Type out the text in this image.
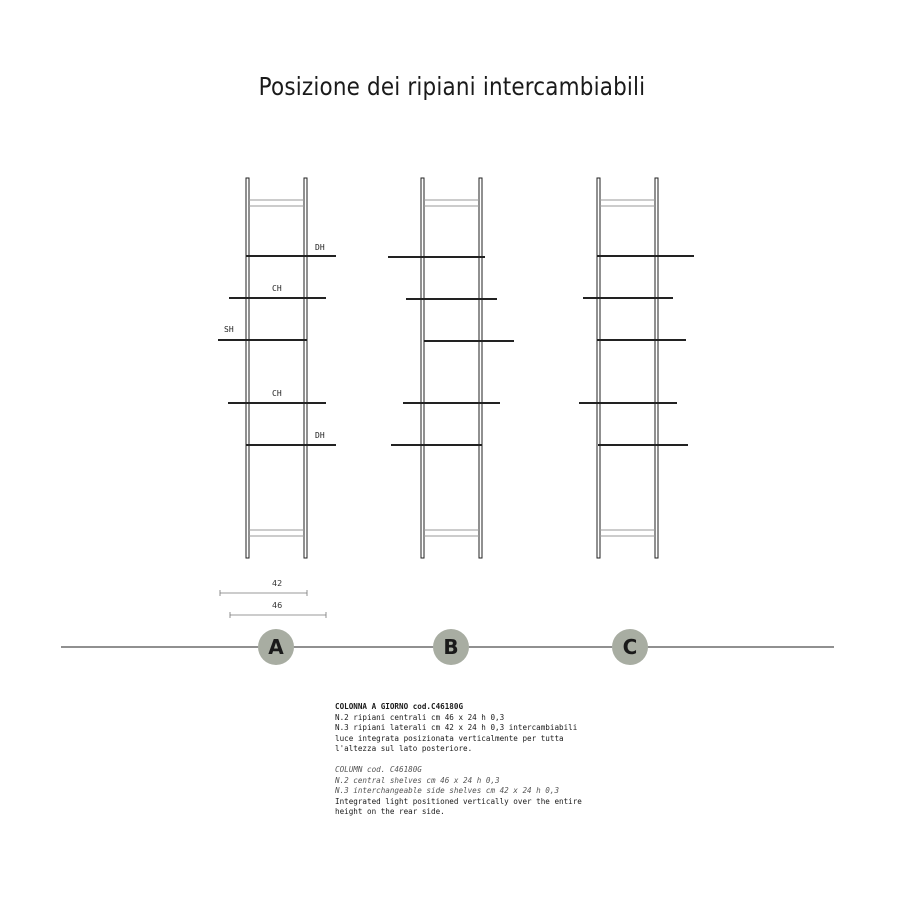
Posizione dei ripiani intercambiabili
DH
CH
SH
CH
DH
42
46
A	B	C
COLONNA A GIORNO cod.C46180G
N.2 ripiani centrali cm 46 x 24 h 0,3
N.3 ripiani laterali cm 42 x 24 h 0,3 intercambiabili
luce integrata posizionata verticalmente per tutta
l'altezza sul lato posteriore.
COLUMN cod. C46180G
N.2 central shelves cm 46 x 24 h 0,3
N.3 interchangeable side shelves cm 42 x 24 h 0,3
Integrated light positioned vertically over the entire
height on the rear side.
